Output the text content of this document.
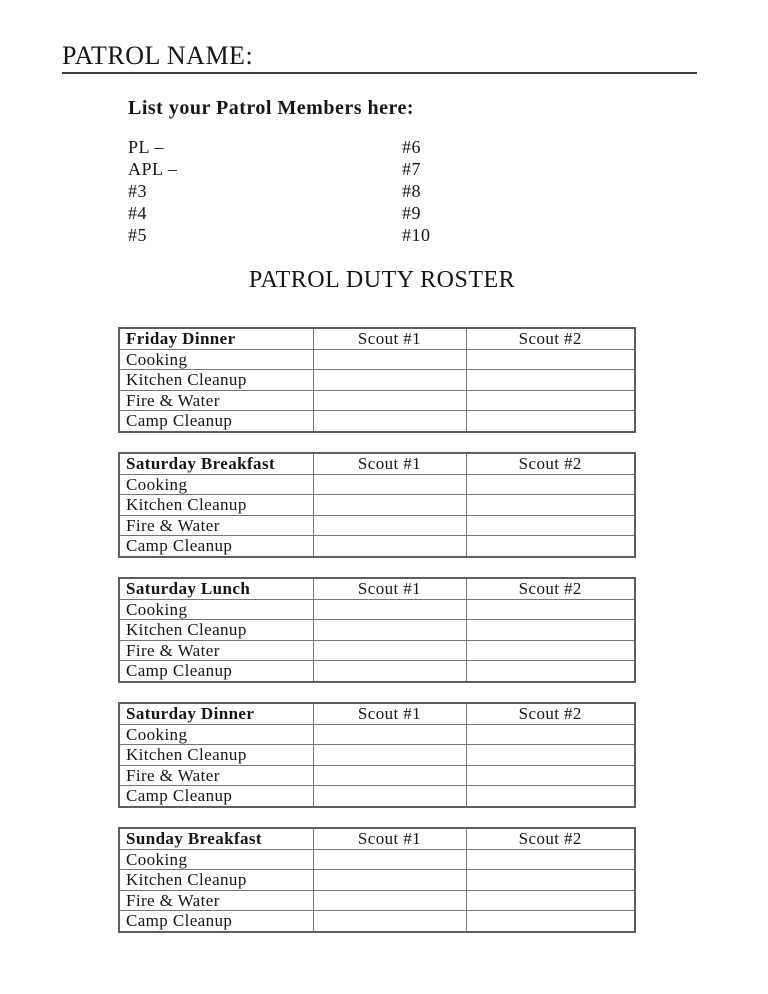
PATROL NAME:
List your Patrol Members here:
PL –
APL –
#3
#4
#5
#6
#7
#8
#9
#10
PATROL DUTY ROSTER
Friday Dinner	Scout #1	Scout #2
Cooking		
Kitchen Cleanup		
Fire & Water		
Camp Cleanup		
Saturday Breakfast	Scout #1	Scout #2
Cooking		
Kitchen Cleanup		
Fire & Water		
Camp Cleanup		
Saturday Lunch	Scout #1	Scout #2
Cooking		
Kitchen Cleanup		
Fire & Water		
Camp Cleanup		
Saturday Dinner	Scout #1	Scout #2
Cooking		
Kitchen Cleanup		
Fire & Water		
Camp Cleanup		
Sunday Breakfast	Scout #1	Scout #2
Cooking		
Kitchen Cleanup		
Fire & Water		
Camp Cleanup		
